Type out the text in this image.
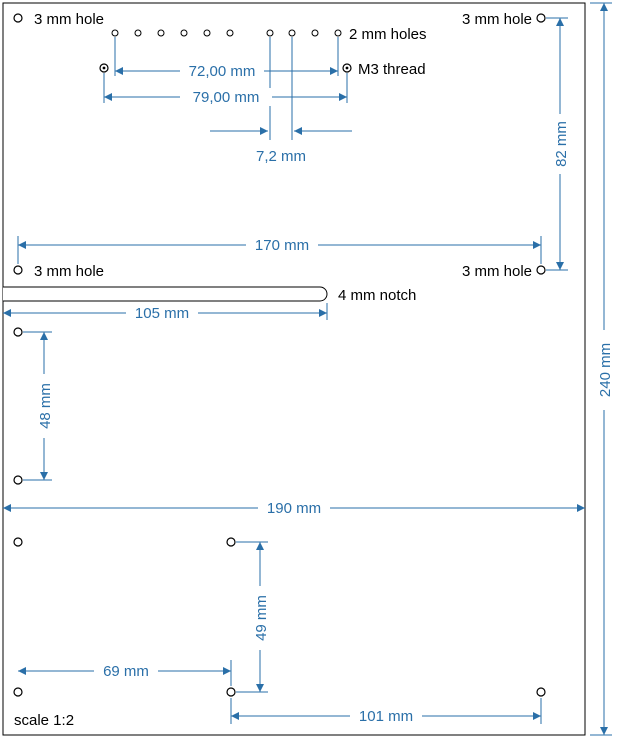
3 mm hole	3 mm hole
2 mm holes
M3 thread
3 mm hole	3 mm hole
4 mm notch
scale 1:2
72,00 mm
79,00 mm
7,2 mm	82 mm
170 mm
105 mm
48 mm
190 mm
240 mm
49 mm
69 mm
101 mm
